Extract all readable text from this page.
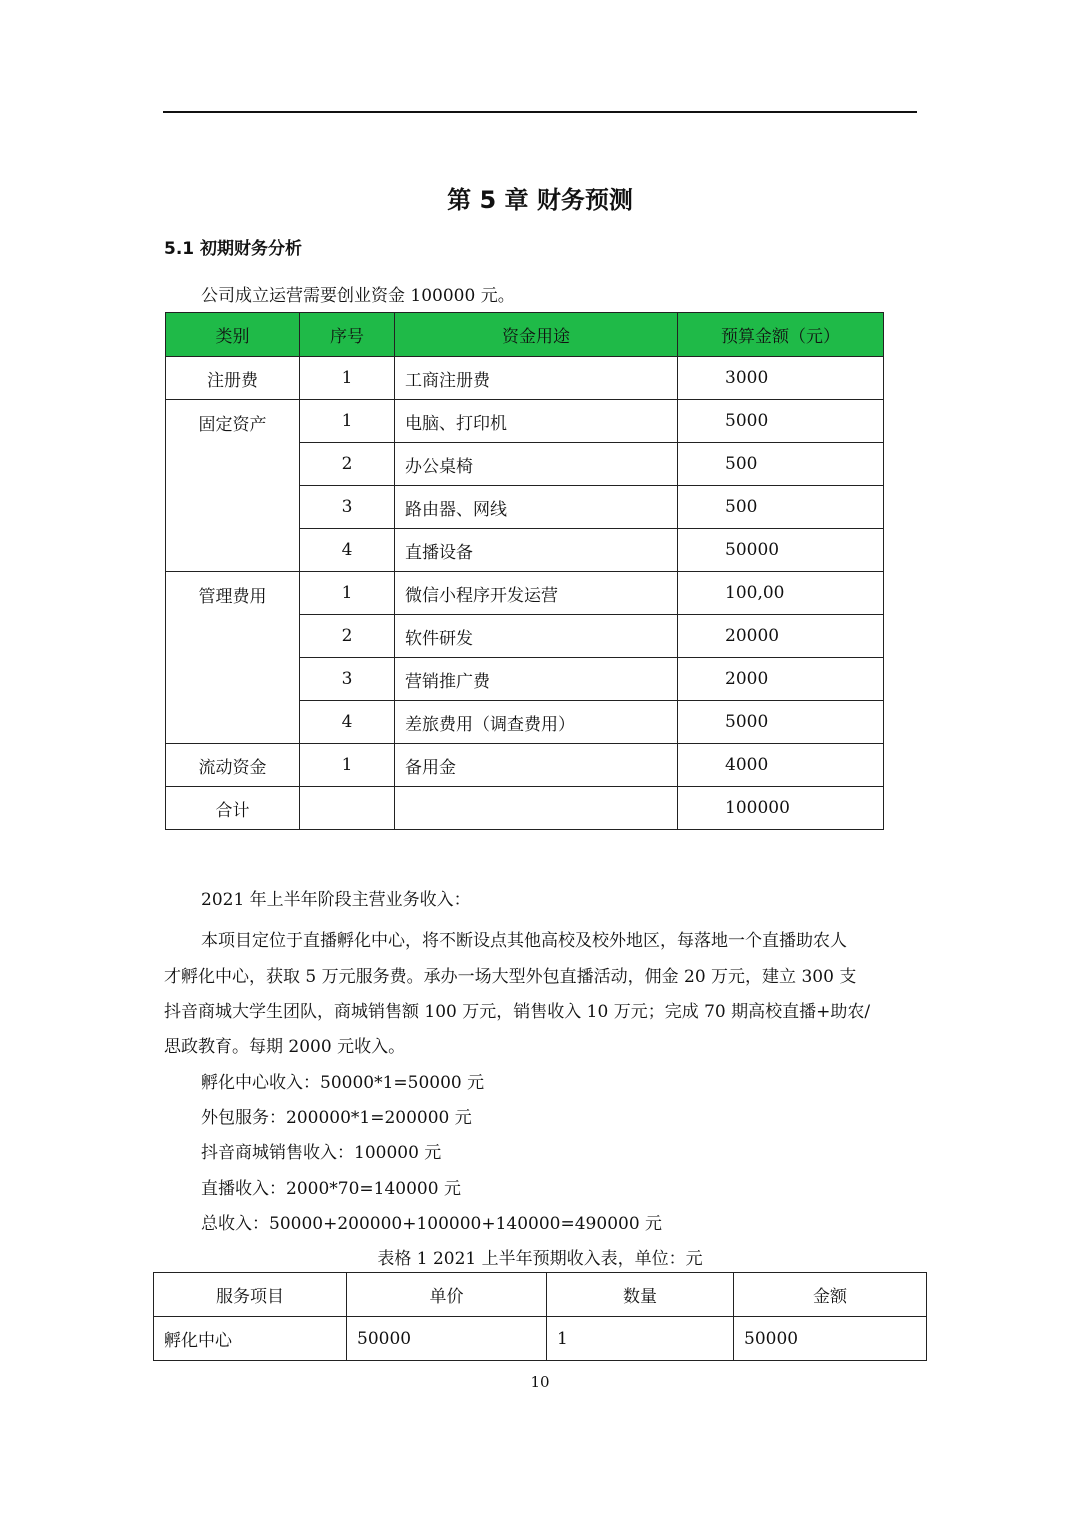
第 5 章 财务预测
5.1 初期财务分析
公司成立运营需要创业资金 100000 元。
类别	序号	资金用途	预算金额（元）
注册费	1	工商注册费	3000
固定资产	1	电脑、打印机	5000
	2	办公桌椅	500
	3	路由器、网线	500
	4	直播设备	50000
管理费用	1	微信小程序开发运营	100,00
	2	软件研发	20000
	3	营销推广费	2000
	4	差旅费用（调查费用）	5000
流动资金	1	备用金	4000
合计			100000
2021 年上半年阶段主营业务收入：
本项目定位于直播孵化中心，将不断设点其他高校及校外地区，每落地一个直播助农人
才孵化中心，获取 5 万元服务费。承办一场大型外包直播活动，佣金 20 万元，建立 300 支
抖音商城大学生团队，商城销售额 100 万元，销售收入 10 万元；完成 70 期高校直播+助农/
思政教育。每期 2000 元收入。
孵化中心收入：50000*1=50000 元
外包服务：200000*1=200000 元
抖音商城销售收入：100000 元
直播收入：2000*70=140000 元
总收入：50000+200000+100000+140000=490000 元
表格 1 2021 上半年预期收入表，单位：元
服务项目	单价	数量	金额
孵化中心	50000	1	50000
10
